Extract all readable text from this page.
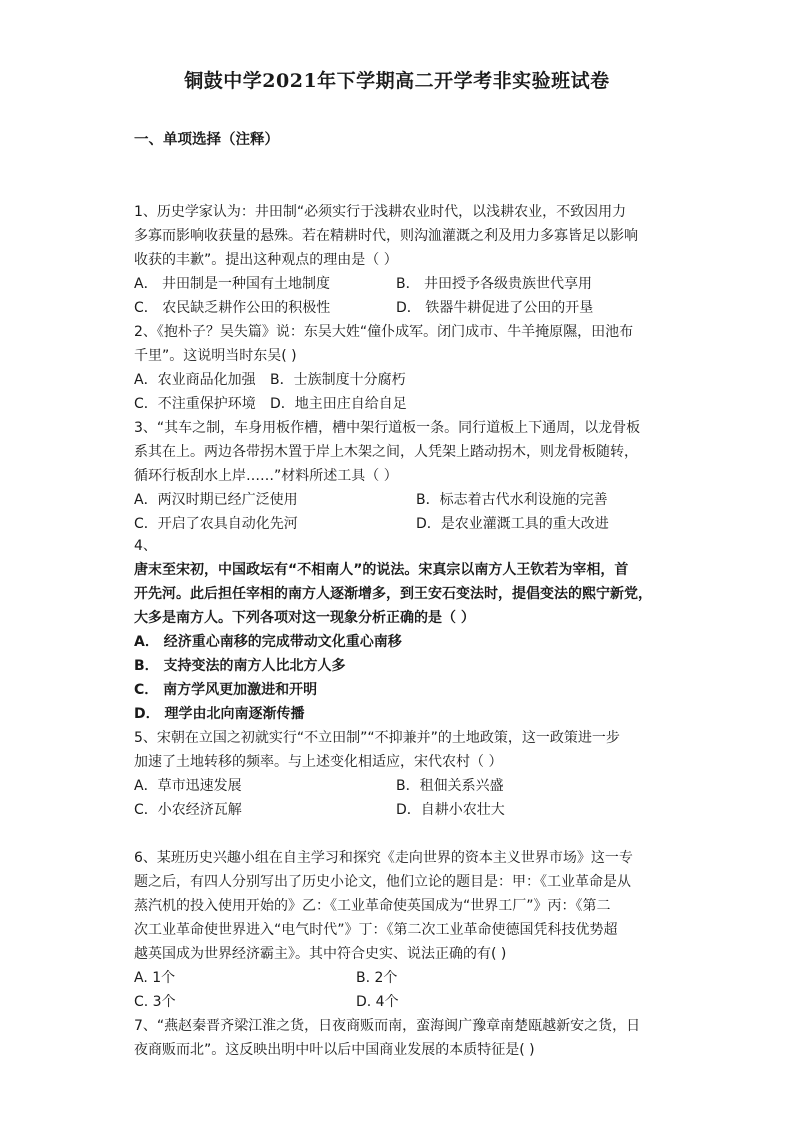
铜鼓中学2021年下学期高二开学考非实验班试卷
一、单项选择（注释）
1、历史学家认为：井田制“必须实行于浅耕农业时代，以浅耕农业，不致因用力
多寡而影响收获量的悬殊。若在精耕时代，则沟洫灌溉之利及用力多寡皆足以影响
收获的丰歉”。提出这种观点的理由是（ ）
A． 井田制是一种国有土地制度	B． 井田授予各级贵族世代享用
C． 农民缺乏耕作公田的积极性	D． 铁器牛耕促进了公田的开垦
2、《抱朴子？吴失篇》说：东吴大姓“僮仆成军。闭门成市、牛羊掩原隰，田池布
千里”。这说明当时东吴( )
A．农业商品化加强 B．士族制度十分腐朽
C．不注重保护环境 D．地主田庄自给自足
3、“其车之制，车身用板作槽，槽中架行道板一条。同行道板上下通周，以龙骨板
系其在上。两边各带拐木置于岸上木架之间，人凭架上踏动拐木，则龙骨板随转，
循环行板刮水上岸……”材料所述工具（ ）
A．两汉时期已经广泛使用	B．标志着古代水利设施的完善
C．开启了农具自动化先河	D．是农业灌溉工具的重大改进
4、
唐末至宋初，中国政坛有“不相南人”的说法。宋真宗以南方人王钦若为宰相，首
开先河。此后担任宰相的南方人逐渐增多，到王安石变法时，提倡变法的熙宁新党，
大多是南方人。下列各项对这一现象分析正确的是（ ）
A． 经济重心南移的完成带动文化重心南移
B． 支持变法的南方人比北方人多
C． 南方学风更加激进和开明
D． 理学由北向南逐渐传播
5、宋朝在立国之初就实行“不立田制”“不抑兼并”的土地政策，这一政策进一步
加速了土地转移的频率。与上述变化相适应，宋代农村（ ）
A．草市迅速发展	B．租佃关系兴盛
C．小农经济瓦解	D．自耕小农壮大
6、某班历史兴趣小组在自主学习和探究《走向世界的资本主义世界市场》这一专
题之后，有四人分别写出了历史小论文，他们立论的题目是：甲：《工业革命是从
蒸汽机的投入使用开始的》乙：《工业革命使英国成为“世界工厂”》丙：《第二
次工业革命使世界进入“电气时代”》丁：《第二次工业革命使德国凭科技优势超
越英国成为世界经济霸主》。其中符合史实、说法正确的有( )
A. 1个	B. 2个
C. 3个	D. 4个
7、“燕赵秦晋齐梁江淮之货，日夜商贩而南，蛮海闽广豫章南楚瓯越新安之货，日
夜商贩而北”。这反映出明中叶以后中国商业发展的本质特征是( )
